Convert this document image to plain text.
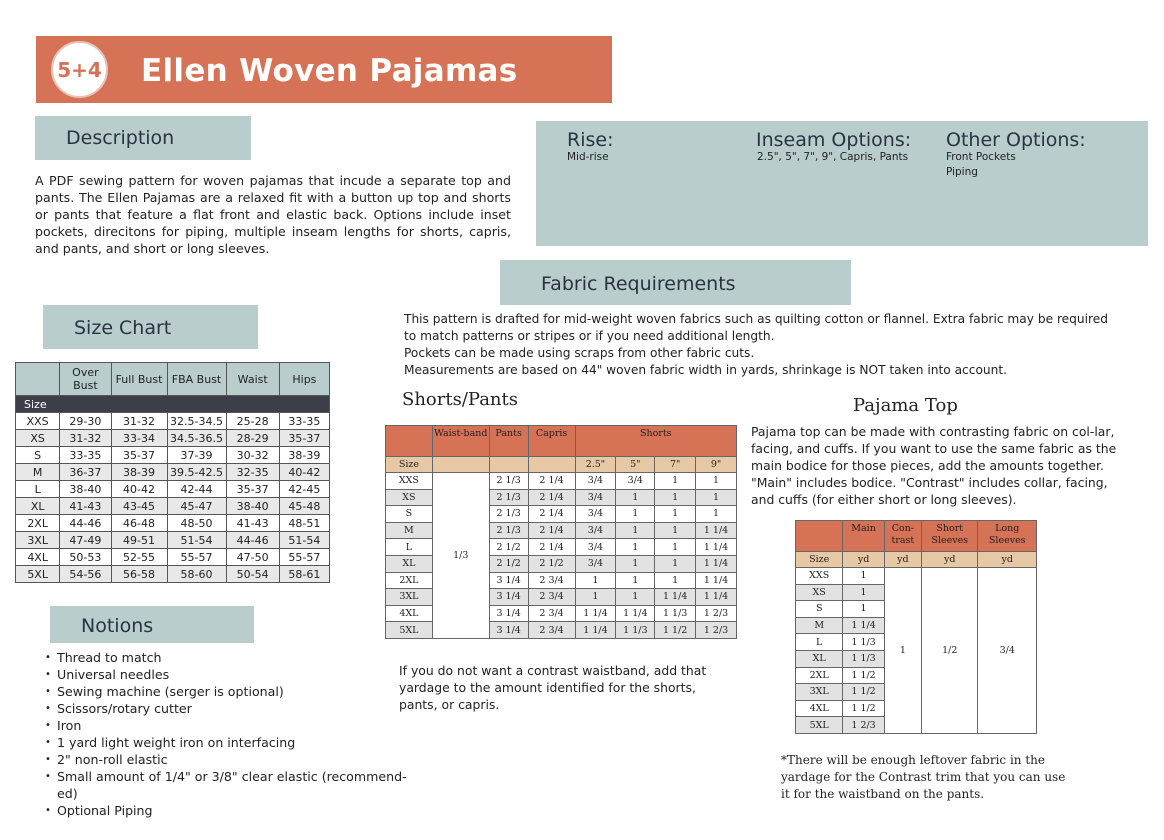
5+4 Ellen Woven Pajamas
Description
A PDF sewing pattern for woven pajamas that incude a separate top and pants. The Ellen Pajamas are a relaxed fit with a button up top and shorts or pants that feature a flat front and elastic back. Options include inset pockets, direcitons for piping, multiple inseam lengths for shorts, capris, and pants, and short or long sleeves.
Rise:
Mid-rise
Inseam Options:
2.5", 5", 7", 9", Capris, Pants
Other Options:
Front Pockets
Piping
Fabric Requirements
This pattern is drafted for mid-weight woven fabrics such as quilting cotton or flannel. Extra fabric may be required
to match patterns or stripes or if you need additional length.
Pockets can be made using scraps from other fabric cuts.
Measurements are based on 44" woven fabric width in yards, shrinkage is NOT taken into account.
Size Chart
	Over Bust	Full Bust	FBA Bust	Waist	Hips
Size					
XXS	29-30	31-32	32.5-34.5	25-28	33-35
XS	31-32	33-34	34.5-36.5	28-29	35-37
S	33-35	35-37	37-39	30-32	38-39
M	36-37	38-39	39.5-42.5	32-35	40-42
L	38-40	40-42	42-44	35-37	42-45
XL	41-43	43-45	45-47	38-40	45-48
2XL	44-46	46-48	48-50	41-43	48-51
3XL	47-49	49-51	51-54	44-46	51-54
4XL	50-53	52-55	55-57	47-50	55-57
5XL	54-56	56-58	58-60	50-54	58-61
Notions
• Thread to match
• Universal needles
• Sewing machine (serger is optional)
• Scissors/rotary cutter
• Iron
• 1 yard light weight iron on interfacing
• 2" non-roll elastic
• Small amount of 1/4" or 3/8" clear elastic (recommend-ed)
• Optional Piping
Shorts/Pants
	Waist-band	Pants	Capris	Shorts			
Size				2.5"	5"	7"	9"
XXS	1/3	2 1/3	2 1/4	3/4	3/4	1	1
XS		2 1/3	2 1/4	3/4	1	1	1
S		2 1/3	2 1/4	3/4	1	1	1
M		2 1/3	2 1/4	3/4	1	1	1 1/4
L		2 1/2	2 1/4	3/4	1	1	1 1/4
XL		2 1/2	2 1/2	3/4	1	1	1 1/4
2XL		3 1/4	2 3/4	1	1	1	1 1/4
3XL		3 1/4	2 3/4	1	1	1 1/4	1 1/4
4XL		3 1/4	2 3/4	1 1/4	1 1/4	1 1/3	1 2/3
5XL		3 1/4	2 3/4	1 1/4	1 1/3	1 1/2	1 2/3
If you do not want a contrast waistband, add that yardage to the amount identified for the shorts, pants, or capris.
Pajama Top
Pajama top can be made with contrasting fabric on col-lar, facing, and cuffs. If you want to use the same fabric as the main bodice for those pieces, add the amounts together. "Main" includes bodice. "Contrast" includes collar, facing, and cuffs (for either short or long sleeves).
	Main	Con-trast	Short Sleeves	Long Sleeves
Size	yd	yd	yd	yd
XXS	1	1	1/2	3/4
XS	1			
S	1			
M	1 1/4			
L	1 1/3			
XL	1 1/3			
2XL	1 1/2			
3XL	1 1/2			
4XL	1 1/2			
5XL	1 2/3			
*There will be enough leftover fabric in the yardage for the Contrast trim that you can use it for the waistband on the pants.
